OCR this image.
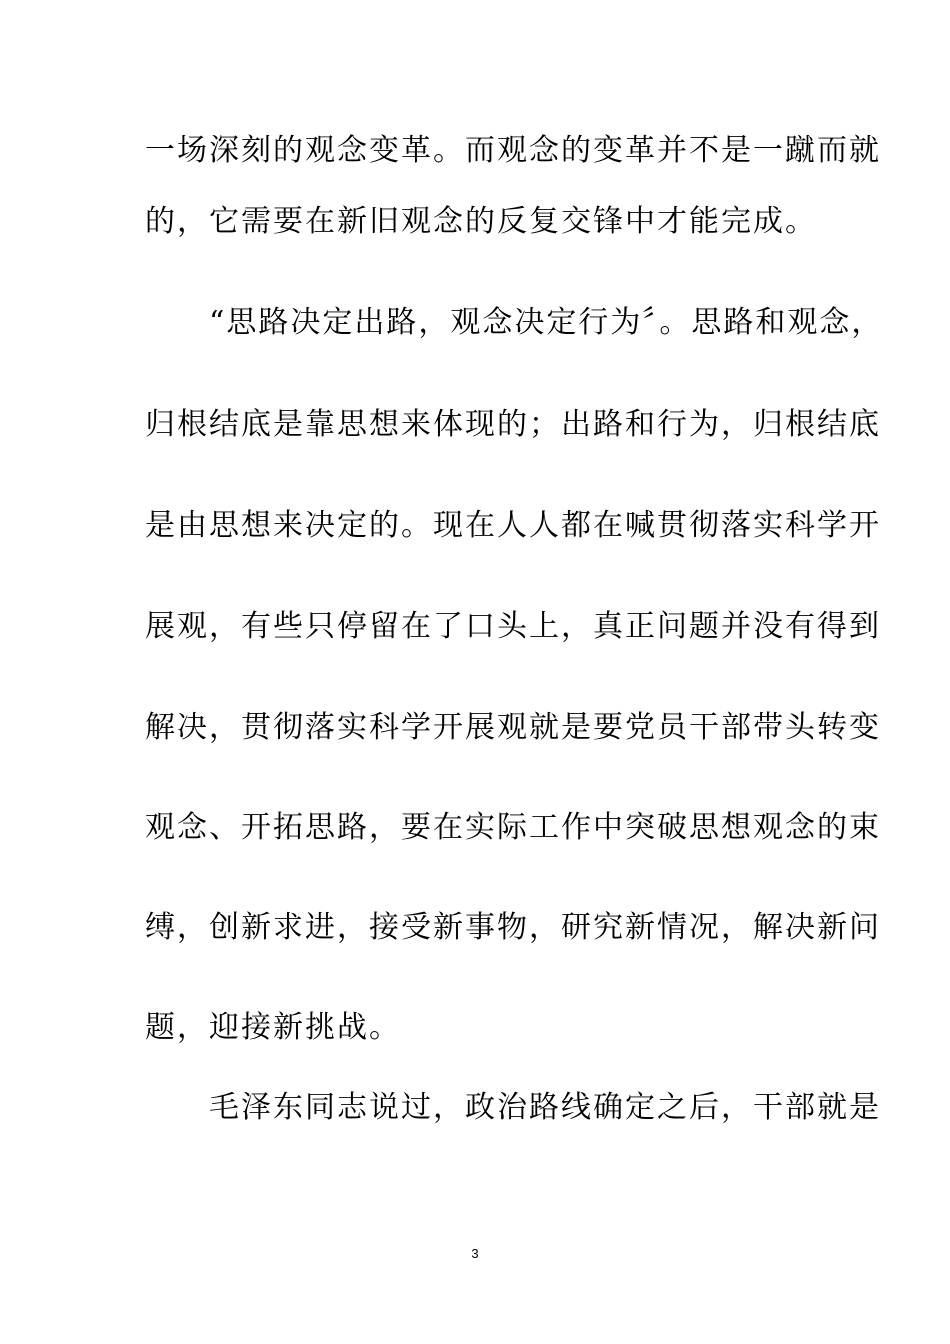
一场深刻的观念变革。而观念的变革并不是一蹴而就
的，它需要在新旧观念的反复交锋中才能完成。
“思路决定出路，观念决定行为〞。思路和观念，
归根结底是靠思想来体现的；出路和行为，归根结底
是由思想来决定的。现在人人都在喊贯彻落实科学开
展观，有些只停留在了口头上，真正问题并没有得到
解决，贯彻落实科学开展观就是要党员干部带头转变
观念、开拓思路，要在实际工作中突破思想观念的束
缚，创新求进，接受新事物，研究新情况，解决新问
题，迎接新挑战。
毛泽东同志说过，政治路线确定之后，干部就是
3
